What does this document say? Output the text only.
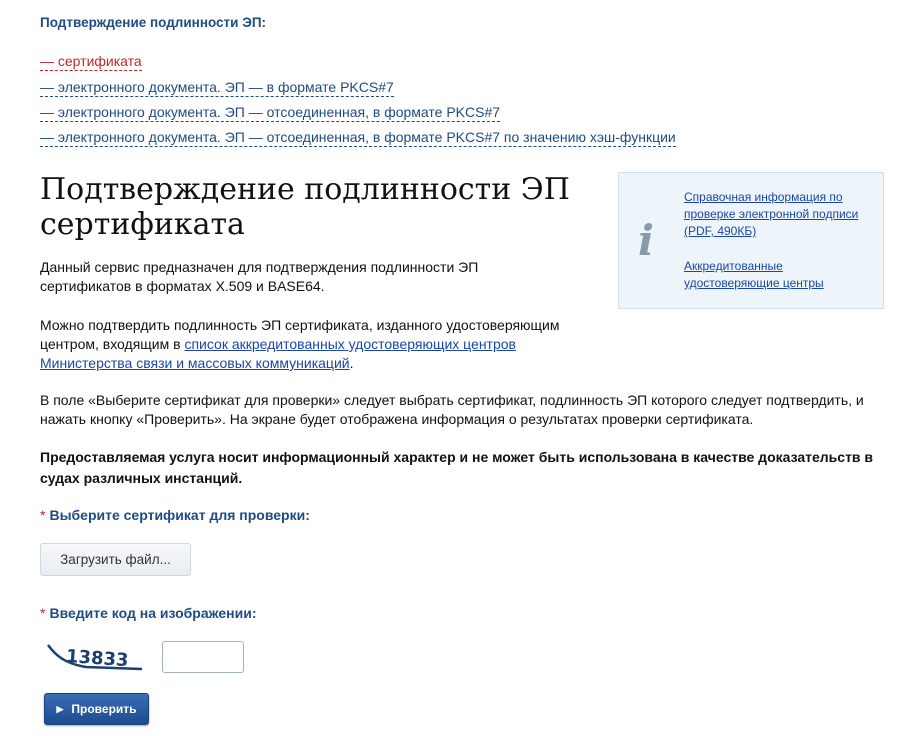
Подтверждение подлинности ЭП:
— сертификата
— электронного документа. ЭП — в формате PKCS#7
— электронного документа. ЭП — отсоединенная, в формате PKCS#7
— электронного документа. ЭП — отсоединенная, в формате PKCS#7 по значению хэш-функции
Подтверждение подлинности ЭП сертификата
Данный сервис предназначен для подтверждения подлинности ЭП сертификатов в форматах X.509 и BASE64.
Можно подтвердить подлинность ЭП сертификата, изданного удостоверяющим центром, входящим в список аккредитованных удостоверяющих центров Министерства связи и массовых коммуникаций.
В поле «Выберите сертификат для проверки» следует выбрать сертификат, подлинность ЭП которого следует подтвердить, и нажать кнопку «Проверить». На экране будет отображена информация о результатах проверки сертификата.
Предоставляемая услуга носит информационный характер и не может быть использована в качестве доказательств в судах различных инстанций.
i
Справочная информация по проверке электронной подписи (PDF, 490КБ)
Аккредитованные удостоверяющие центры
* Выберите сертификат для проверки:
Загрузить файл...
* Введите код на изображении:
13833
▶ Проверить
